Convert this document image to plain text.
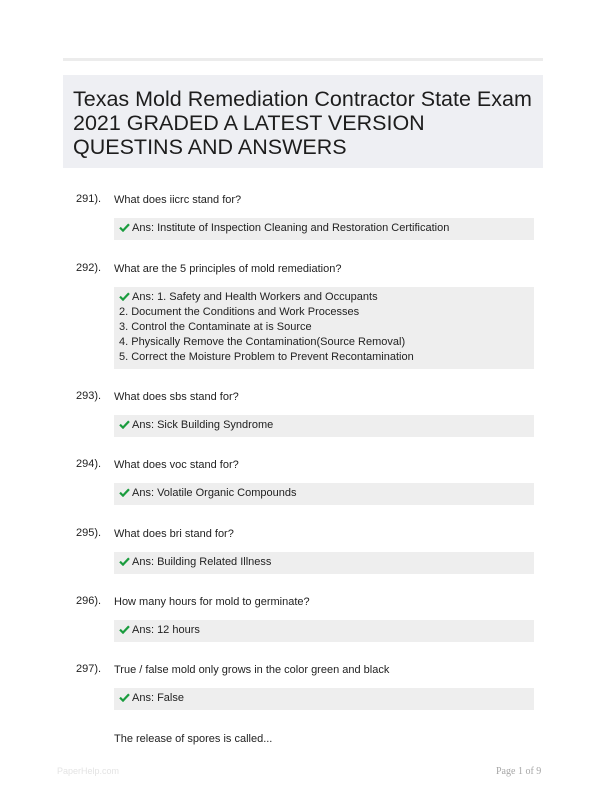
Texas Mold Remediation Contractor State Exam 2021 GRADED A LATEST VERSION QUESTINS AND ANSWERS
291). What does iicrc stand for?
Ans: Institute of Inspection Cleaning and Restoration Certification
292). What are the 5 principles of mold remediation?
Ans: 1. Safety and Health Workers and Occupants
2. Document the Conditions and Work Processes
3. Control the Contaminate at is Source
4. Physically Remove the Contamination(Source Removal)
5. Correct the Moisture Problem to Prevent Recontamination
293). What does sbs stand for?
Ans: Sick Building Syndrome
294). What does voc stand for?
Ans: Volatile Organic Compounds
295). What does bri stand for?
Ans: Building Related Illness
296). How many hours for mold to germinate?
Ans: 12 hours
297). True / false mold only grows in the color green and black
Ans: False
The release of spores is called...
PaperHelp.com	Page 1 of 9
